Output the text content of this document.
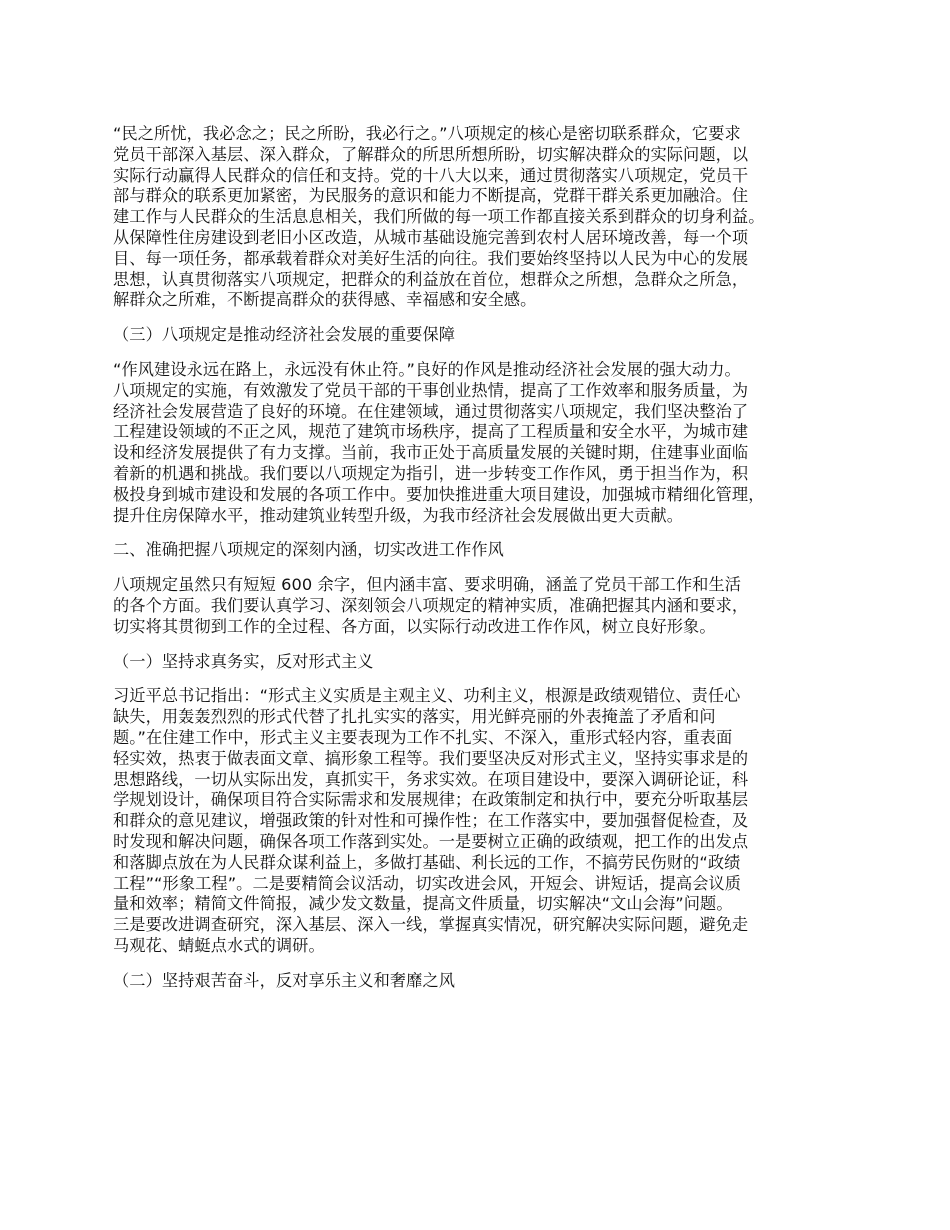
“民之所忧，我必念之；民之所盼，我必行之。”八项规定的核心是密切联系群众，它要求
党员干部深入基层、深入群众，了解群众的所思所想所盼，切实解决群众的实际问题，以
实际行动赢得人民群众的信任和支持。党的十八大以来，通过贯彻落实八项规定，党员干
部与群众的联系更加紧密，为民服务的意识和能力不断提高，党群干群关系更加融洽。住
建工作与人民群众的生活息息相关，我们所做的每一项工作都直接关系到群众的切身利益。
从保障性住房建设到老旧小区改造，从城市基础设施完善到农村人居环境改善，每一个项
目、每一项任务，都承载着群众对美好生活的向往。我们要始终坚持以人民为中心的发展
思想，认真贯彻落实八项规定，把群众的利益放在首位，想群众之所想，急群众之所急，
解群众之所难，不断提高群众的获得感、幸福感和安全感。
（三）八项规定是推动经济社会发展的重要保障
“作风建设永远在路上，永远没有休止符。”良好的作风是推动经济社会发展的强大动力。
八项规定的实施，有效激发了党员干部的干事创业热情，提高了工作效率和服务质量，为
经济社会发展营造了良好的环境。在住建领域，通过贯彻落实八项规定，我们坚决整治了
工程建设领域的不正之风，规范了建筑市场秩序，提高了工程质量和安全水平，为城市建
设和经济发展提供了有力支撑。当前，我市正处于高质量发展的关键时期，住建事业面临
着新的机遇和挑战。我们要以八项规定为指引，进一步转变工作作风，勇于担当作为，积
极投身到城市建设和发展的各项工作中。要加快推进重大项目建设，加强城市精细化管理，
提升住房保障水平，推动建筑业转型升级，为我市经济社会发展做出更大贡献。
二、准确把握八项规定的深刻内涵，切实改进工作作风
八项规定虽然只有短短 600 余字，但内涵丰富、要求明确，涵盖了党员干部工作和生活
的各个方面。我们要认真学习、深刻领会八项规定的精神实质，准确把握其内涵和要求，
切实将其贯彻到工作的全过程、各方面，以实际行动改进工作作风，树立良好形象。
（一）坚持求真务实，反对形式主义
习近平总书记指出：“形式主义实质是主观主义、功利主义，根源是政绩观错位、责任心
缺失，用轰轰烈烈的形式代替了扎扎实实的落实，用光鲜亮丽的外表掩盖了矛盾和问
题。”在住建工作中，形式主义主要表现为工作不扎实、不深入，重形式轻内容，重表面
轻实效，热衷于做表面文章、搞形象工程等。我们要坚决反对形式主义，坚持实事求是的
思想路线，一切从实际出发，真抓实干，务求实效。在项目建设中，要深入调研论证，科
学规划设计，确保项目符合实际需求和发展规律；在政策制定和执行中，要充分听取基层
和群众的意见建议，增强政策的针对性和可操作性；在工作落实中，要加强督促检查，及
时发现和解决问题，确保各项工作落到实处。一是要树立正确的政绩观，把工作的出发点
和落脚点放在为人民群众谋利益上，多做打基础、利长远的工作，不搞劳民伤财的“政绩
工程”“形象工程”。二是要精简会议活动，切实改进会风，开短会、讲短话，提高会议质
量和效率；精简文件简报，减少发文数量，提高文件质量，切实解决“文山会海”问题。
三是要改进调查研究，深入基层、深入一线，掌握真实情况，研究解决实际问题，避免走
马观花、蜻蜓点水式的调研。
（二）坚持艰苦奋斗，反对享乐主义和奢靡之风
